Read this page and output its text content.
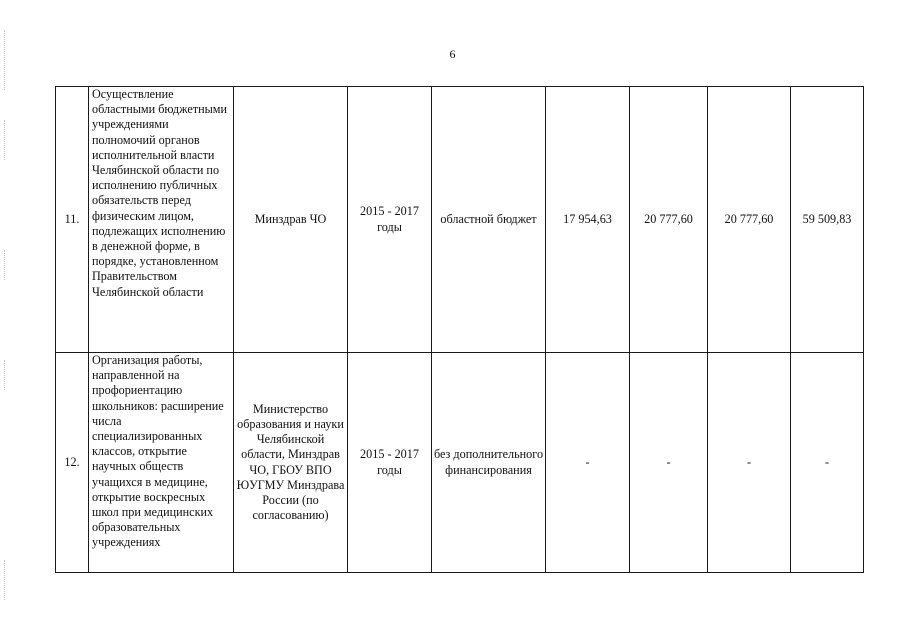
6
11.	Осуществление областными бюджетными учреждениями полномочий органов исполнительной власти Челябинской области по исполнению публичных обязательств перед физическим лицом, подлежащих исполнению в денежной форме, в порядке, установленном Правительством Челябинской области	Минздрав ЧО	2015 - 2017 годы	областной бюджет	17 954,63	20 777,60	20 777,60	59 509,83
12.	Организация работы, направленной на профориентацию школьников: расширение числа специализированных классов, открытие научных обществ учащихся в медицине, открытие воскресных школ при медицинских образовательных учреждениях	Министерство образования и науки Челябинской области, Минздрав ЧО, ГБОУ ВПО ЮУГМУ Минздрава России (по согласованию)	2015 - 2017 годы	без дополнительного финансирования	-	-	-	-
